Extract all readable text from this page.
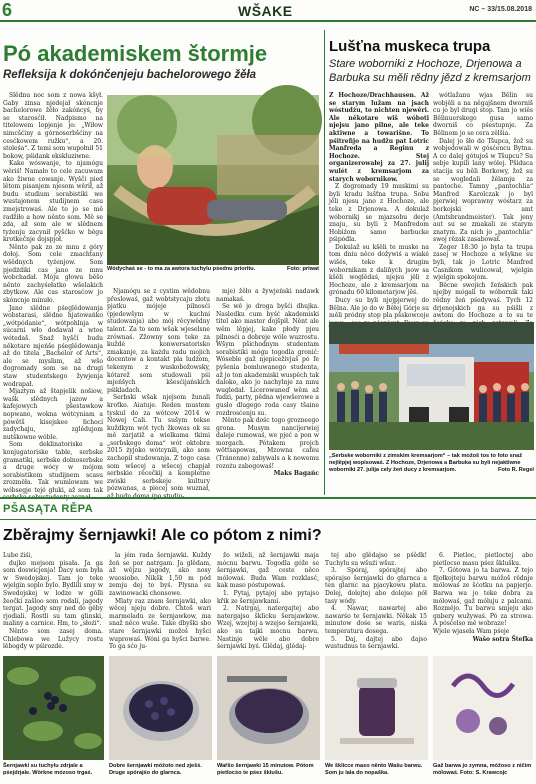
6	WŠAKE	NC – 33/15.08.2018
Pó akademiskem štormje
Refleksija k dokónčenjeju bachelorowego žěła

Slědnu noc som z nowa kšył. Gaby zinsa njedejał skóncnje bachelorowe žěło zakóńcyś, by se starosćił. Nadpismo na titelowem lopjenje jo: „Wiłow nimcšćiny a górnoserbšćiny na cesćkowem ružku“, a 20. stoleśa“. Z temi som wupołnił 51 bokow, pśidank ekskluziwne.

Kake wóswanje, to njamógu wěriś! Namało to cele zacuwam ako žiwne cowanje. Wyšči pied lětom pisanjem njesom wěrił, až budu studium sorabistiki we wustajonem studijnem casu zmejstrowaś. Ale to jo se mě radžiło a how něnto som. Mě se zda, až som ale w slědnem tyźenju zacynił pyšćko w běgu krotkečnje dojspjoł.

Něnto pak zo ze mnu z góry dołoj. Som cele zmachtany wšědnych tyźenjow. Som pjedźdiki cas jano ze mnu wobchadał. Móju głowu běšo něnto zachyśełatko wšelakich zbytkow. Ale cas starosćow jo skóncnje minuło.

Jano slědne pśeglědowanja wobstarasi, slědne hjatowańko „wótpódanie“, wótpohlnja w súcarni wło dodawał a wtoe wótedaš. Snaž hyščí budu někotare mjeńše pśeglědowanja až do titela „Bachelor of Arts“, ale se mysliım, až wšo dogromady som se na drugi staw studentskego žywjenja wodrapał.

Mjaztym až štapjelik nošiow, wašk slědnych jazow a kafejowych pšestawkow nopwano, wokna wótcyniam a pówětš kisejskee łichocí zadychaju, zglědujom nutškowne wóble.

Som deklinatoriske a konjugatoriske table, serbske gramatiki, serbske dolnoserbske a druge wócy w mójom sorabistikem studijnem scasu zrozměła. Tak wumlowam we wóbsegje tejé głuki, až som tak

Wódychaś se - to ma za awtora tuchylu pśednu prioritu.	Foto: priwat

Njamógu se z cystim wědobnu přeslowaś, gaž wobtstycaju złotu pjatku mójeje pilnosći (pjedewšym w kuchni studowanja) abo mój rěcywědny talent. Za to som wšak wjeselsne zrównaś. Zžowny som teke za kuždé konwersatorisko zmakanje, za każdu radu mojich docentow a kontakt pla ludźom, tekenym z wuskobožowsky, kótarež som studowali pśi mjeńšych kšesćijańskich pśikladach.

Serbski wšak njejsom žunali kroťko. Aiatuje. Reden mustem tyskul do za wótcow 2014 w Nowej Cali. Tu sušym tekse kuždkym wót tych žkowas ok su mě zarjatiž a wielkama tkimi „serbskego doma“ wót oktobra 2015 żyjoko wótcynili, ako som zachopil studowanja. Z togo casa som wšecej a wšecej chapjał serbskie rěcečkij a kompletne zwiski serbskeje kultury pózwanas, a piecej som wuznał,

mje) žěło a žywjeński nadawk namakaś.

Se wě jo droga byšći dhujka. Nasledku cum byść akademiski titel ako master dojšpił. Něnt ale wěm lěpjej, kake płody pjeu pilnosći a dobreje wóle wuzrostu. Wšym pšichodnym studentam sorabistiki mógu togodla gronić: Wóseble gaž njepiceživjaš pó fe pyšenia bomluwanego studenta, až jo ton akademiski wuspěch tak daloko, ako jo nachylnje za mnu wugledał. Licerowaneď wěm až fudzi, party, pědna wjewšerowe a guslo dlugego roda casy tšaine rozdrosćenju su.

Něnto pak dośc togo grozneego grona. Musym nancíjerwiej daleje rumowaś, we pjeć a pon w morgach. Pótakem projch wöttsapowas, Mzowna cafeu (Tránenne) zabywals a k nowemu rozożu zabogowaś!

Maks Bagańc

Lušťna muskeca trupa
Stare woborniki z Hochoze, Drjenowa a Barbuka su měli rědny jězd z kremsarjom

Z Hochoze/Drachhausen. Až se starym lužam na jsach wóstudżu, to nichten njewěri. Ale někotare wiš wóboti njejsu jano pilne, ale teke aktiwne a towarišne. To pśitrefijo na hudžu pat Lotric Manfreda a Reginu z Hochoze. Stej organizerowałej za 27. julij wulét z kremsarjom za starych wobornikow.

Z dogromady 19 muskimi su byli kradu lušťna trupa. Sobu jěli njesu jano z Hochoze, ale teke z Drjenowa. A dokulaž wóbornikj se mjazsobu derje znaju, su byli z Manfredom Hobiżom samo barbucke pśipódla.

Dokulaž su kšěli te muske na tom dniu něco dožywiś a wiaké wišés, teke k drugim wobornikam z daliňych jsow sa kšěli woglědaś, njejsu jěli z Hochoze, ale z kremsarjom na grónadu 60 kilometarjow jěś.

Ducy su byli njejpjerwej do Bělna. Ale jo do w Běłej Górje su měli pródny stop pla pšskowceje

wótlažanu wjas Bělin su wobjěli a na něgajšnem dworniš cu jo byl drugi stop. Tam jo wiěs Bělinuerskego gusa samo dworniš co pśestupnje. Za Bělinom jo se cera zělšia.

Dalej jo šło do Tšupca, žož su wobjedowali w gósćencu Bytna. A co dalej gótujoš w Tšupcu? Su sebje kupili lany wólej. Pšiduca stacija su běli Borkowy, žož su se wogledali žělamju za pantoche. Tamny „pantochlia“ Manfred Karolczak jo byl pjerwiej woprawny wóstarz za borkojski amt (Amtsbrandmeister). Tak jeny aut su se zmakali ze starym znatym. Za nich jo „pantochlia“ swoj rězak zasabował.

Zeger 18:30 jo byla ta trupa zasej w Hochoze a wšykne su byli, tak jo Lotric Manfred Casnikom wulicował, wjelgin wjelgin spokojom.

Běcne swojich žeńskich pak njejby mógali te wóbornik taki rědny žeń pśedywaś. Tych 12 drjenojskich ga su pśišli z awtom do Hochoze a to su te

„Serbske woborniki z zimskim kremsarjom“ – tak možoš tos to foto snaž nejlěpjej wopisowaś. Z Hochoze, Drjenowa a Barbuka su byli nejaktiwne woborniki 27. julija cely žeń ducy z kremsarjom.	Foto R. Regel
PŠASĄTA RĚPA
Zběrajmy šernjawki! Ale co pótom z nimi?

Lube źiśi,

dujko mejsom pisała. Ja ga som doswicjenja! Dacy som była w Swedojskej. Tam jo teke wjelgin soplo bylo. Bydlili smy w Swedojskej w lodze w gólli žeočkí zašloo som rodalí, jagody tergat. Jagody smy ned do gěby rjodiali. Rostli su tam glinski, maliny a carnice. Hm, to „słoźi“.

Něnto som zasej doma. Chlebowa we Lužycy rostu lěbogdy w pśirozde.

la jém rada šernjawki. Kuždy žeń se por natrgam. Ja glědam, až wějzu jagody, ako nosy wuosiobo. Nikšk 1,50 m pód zemju dej to byś. Plysna su zawinowacki chonsowe.

Mlaty raz znam šernjawki, ako wěcej njeju dobre. Chtoš wari marmeladu ze šernjawkow, ma snaž něco wuše. Take dbyški sbo stare šernjawki možoš hyšci wuprowaś. Wóni ga hyšci barwe. To ga sćo ju-

žo wiželi, až šernjawki maja mócnu barwu. Togodla góže se šernjawki, gaž ceste něco mólowaś. Buda Wam rozklasć, kak maso póstupowaś.

1. Pytaj, pytajoj abo pytajso křik ze šernjawkami.

2. Natrgaj, natergajtej abo natergajso šklicku šernjawkow. Wzej, wzejtej a wzejso šernjawki, ako su tajki mócnu barwu. Nastinje wěle abo dobre šernjawki byś. Glědaj, glědaj-

tej abo glědajso se pśědk! Tuchylu su wšuźi wšuz.

3. Spóraj, spórajtej abo spórajso šernjawki do głarnca a ten glarnc na pjacykowu płatu. Dolej, dolejtej abo dolejso pół tasy wódy.

4. Nawar, nawartej abo nawarśo te šernjawki. Někak 15 minutow dośe se waris, niska temperatura dosega.

5. Daj, dajtej abo dajso wustudnus te šernjawki.

6. Pietloc, pietloctej abo pietlocso masu pśez šklušku.

7. Gótowa jo ta barwa. Z tejo fijołkojteju barwu móžoš rědnje mólowaś ze šćotku na papjerje. Barwa wa jo teke dobra za mólowaś, gaž móluju z palcami. Rozmějo. Tu barwu smjeju ako gnbery wužywaś. Pó za strowa. A pósćelso mě wobraze!

Wjele wjaseła Wam pśeje

Wašo sotra Štefka

Šernjawki su tuchylu zdrjale a pśejdrjale. Wórkne mózoso trgaś.
Dobre šernjawki móžoto ned zješś. Druge spórajśo do glarnca.
Wařšo šernjawki 15 minutow. Pótom pietlocśo te pśez šklušu.
We šklicce maso něnto Wašu barwu. Som ju lala do nopaška.
Gaž barwa jo zymna, móžoso z ničim mólowaś. Foto: S. Krawcojc
